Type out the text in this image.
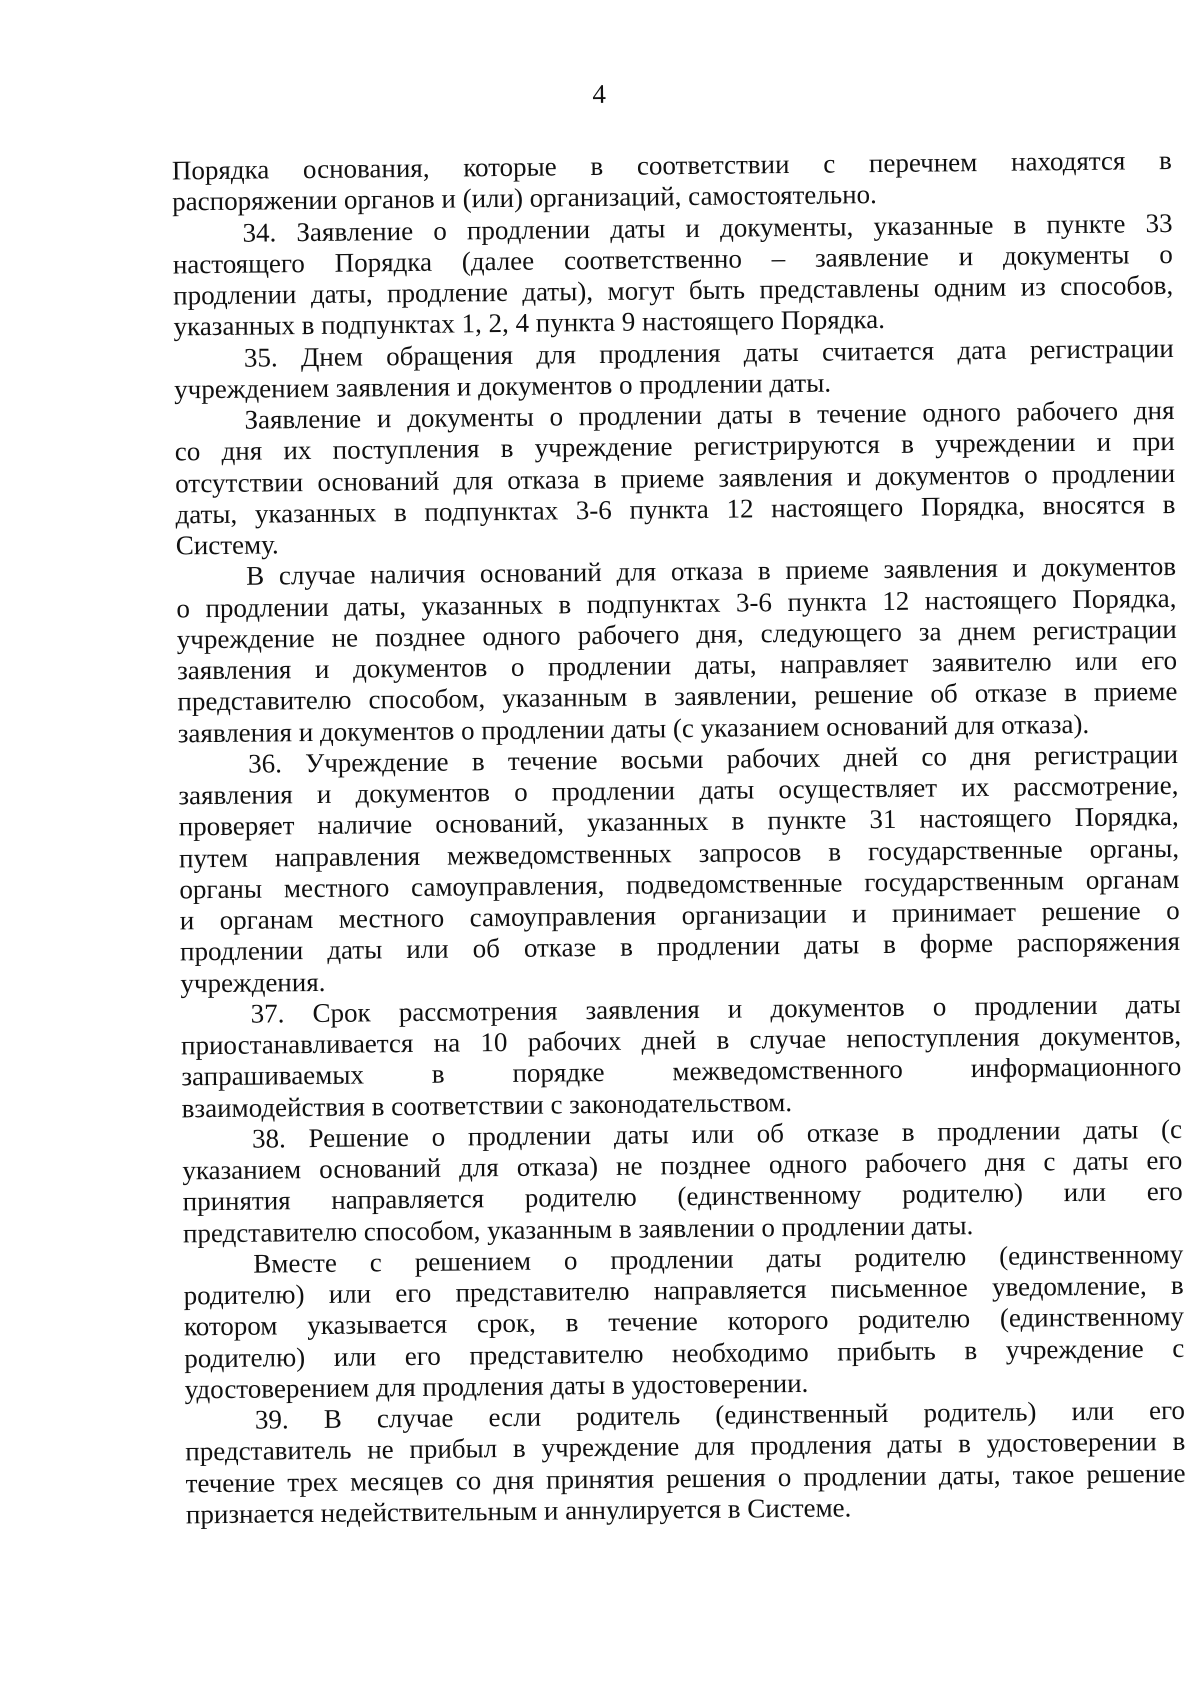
4
Порядка основания, которые в соответствии с перечнем находятся в
распоряжении органов и (или) организаций, самостоятельно.
34. Заявление о продлении даты и документы, указанные в пункте 33
настоящего Порядка (далее соответственно – заявление и документы о
продлении даты, продление даты), могут быть представлены одним из способов,
указанных в подпунктах 1, 2, 4 пункта 9 настоящего Порядка.
35. Днем обращения для продления даты считается дата регистрации
учреждением заявления и документов о продлении даты.
Заявление и документы о продлении даты в течение одного рабочего дня
со дня их поступления в учреждение регистрируются в учреждении и при
отсутствии оснований для отказа в приеме заявления и документов о продлении
даты, указанных в подпунктах 3-6 пункта 12 настоящего Порядка, вносятся в
Систему.
В случае наличия оснований для отказа в приеме заявления и документов
о продлении даты, указанных в подпунктах 3-6 пункта 12 настоящего Порядка,
учреждение не позднее одного рабочего дня, следующего за днем регистрации
заявления и документов о продлении даты, направляет заявителю или его
представителю способом, указанным в заявлении, решение об отказе в приеме
заявления и документов о продлении даты (с указанием оснований для отказа).
36. Учреждение в течение восьми рабочих дней со дня регистрации
заявления и документов о продлении даты осуществляет их рассмотрение,
проверяет наличие оснований, указанных в пункте 31 настоящего Порядка,
путем направления межведомственных запросов в государственные органы,
органы местного самоуправления, подведомственные государственным органам
и органам местного самоуправления организации и принимает решение о
продлении даты или об отказе в продлении даты в форме распоряжения
учреждения.
37. Срок рассмотрения заявления и документов о продлении даты
приостанавливается на 10 рабочих дней в случае непоступления документов,
запрашиваемых в порядке межведомственного информационного
взаимодействия в соответствии с законодательством.
38. Решение о продлении даты или об отказе в продлении даты (с
указанием оснований для отказа) не позднее одного рабочего дня с даты его
принятия направляется родителю (единственному родителю) или его
представителю способом, указанным в заявлении о продлении даты.
Вместе с решением о продлении даты родителю (единственному
родителю) или его представителю направляется письменное уведомление, в
котором указывается срок, в течение которого родителю (единственному
родителю) или его представителю необходимо прибыть в учреждение с
удостоверением для продления даты в удостоверении.
39. В случае если родитель (единственный родитель) или его
представитель не прибыл в учреждение для продления даты в удостоверении в
течение трех месяцев со дня принятия решения о продлении даты, такое решение
признается недействительным и аннулируется в Системе.
